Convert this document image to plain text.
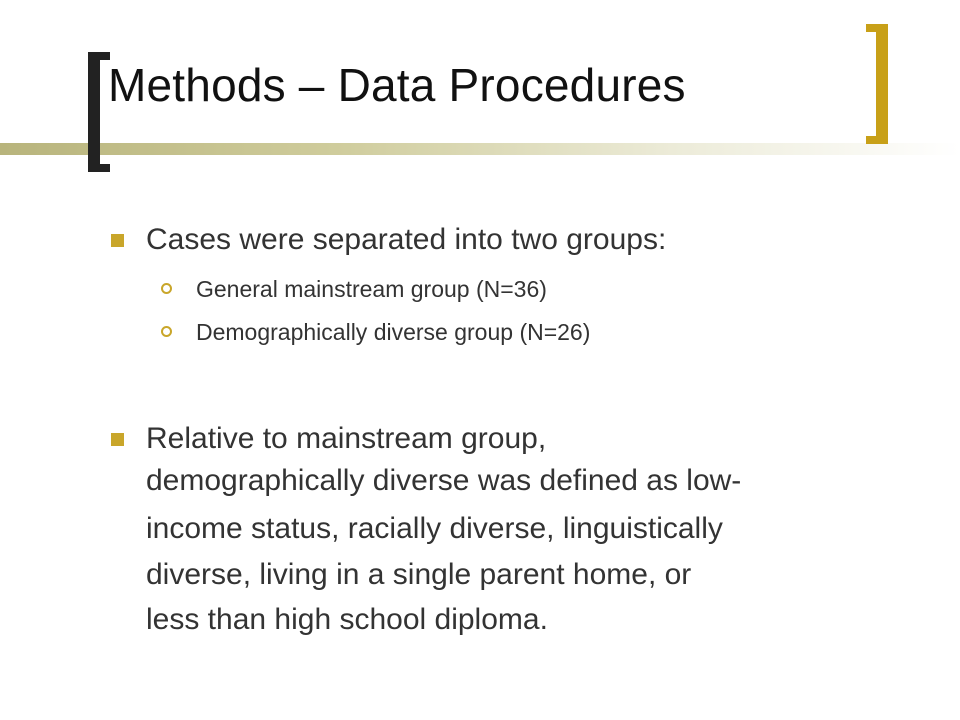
Methods – Data Procedures
Cases were separated into two groups:
General mainstream group (N=36)
Demographically diverse group (N=26)
Relative to mainstream group,
demographically diverse was defined as low-
income status, racially diverse, linguistically
diverse, living in a single parent home, or
less than high school diploma.
